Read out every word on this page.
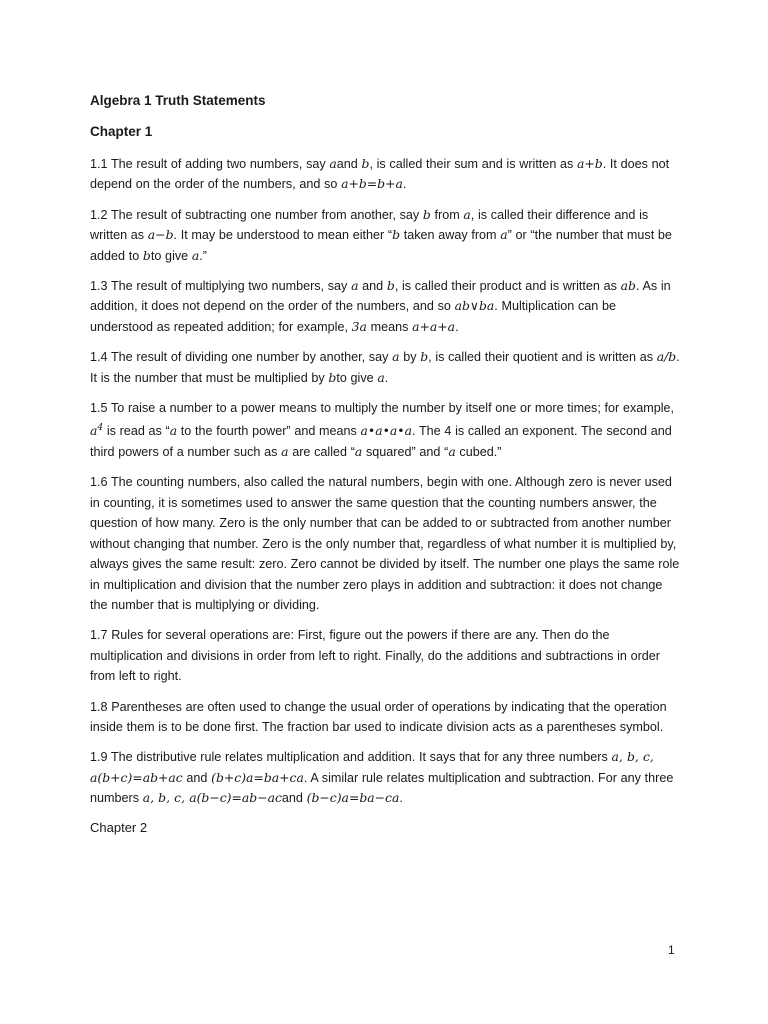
Algebra 1 Truth Statements
Chapter 1

1.1 The result of adding two numbers, say aand b, is called their sum and is written as a+b. It does not depend on the order of the numbers, and so a+b=b+a.

1.2 The result of subtracting one number from another, say b from a, is called their difference and is written as a−b. It may be understood to mean either “b taken away from a” or “the number that must be added to bto give a.”

1.3 The result of multiplying two numbers, say a and b, is called their product and is written as ab. As in addition, it does not depend on the order of the numbers, and so ab∨ba. Multiplication can be understood as repeated addition; for example, 3a means a+a+a.

1.4 The result of dividing one number by another, say a by b, is called their quotient and is written as a/b. It is the number that must be multiplied by bto give a.

1.5 To raise a number to a power means to multiply the number by itself one or more times; for example, $a^4$ is read as “a to the fourth power” and means a•a•a•a. The 4 is called an exponent. The second and third powers of a number such as a are called “a squared” and “a cubed.”

1.6 The counting numbers, also called the natural numbers, begin with one. Although zero is never used in counting, it is sometimes used to answer the same question that the counting numbers answer, the question of how many. Zero is the only number that can be added to or subtracted from another number without changing that number. Zero is the only number that, regardless of what number it is multiplied by, always gives the same result: zero. Zero cannot be divided by itself. The number one plays the same role in multiplication and division that the number zero plays in addition and subtraction: it does not change the number that is multiplying or dividing.

1.7 Rules for several operations are: First, figure out the powers if there are any. Then do the multiplication and divisions in order from left to right. Finally, do the additions and subtractions in order from left to right.

1.8 Parentheses are often used to change the usual order of operations by indicating that the operation inside them is to be done first. The fraction bar used to indicate division acts as a parentheses symbol.

1.9 The distributive rule relates multiplication and addition. It says that for any three numbers a, b, c, a(b+c)=ab+ac and (b+c)a=ba+ca. A similar rule relates multiplication and subtraction. For any three numbers a, b, c, a(b−c)=ab−acand (b−c)a=ba−ca.

Chapter 2
1
